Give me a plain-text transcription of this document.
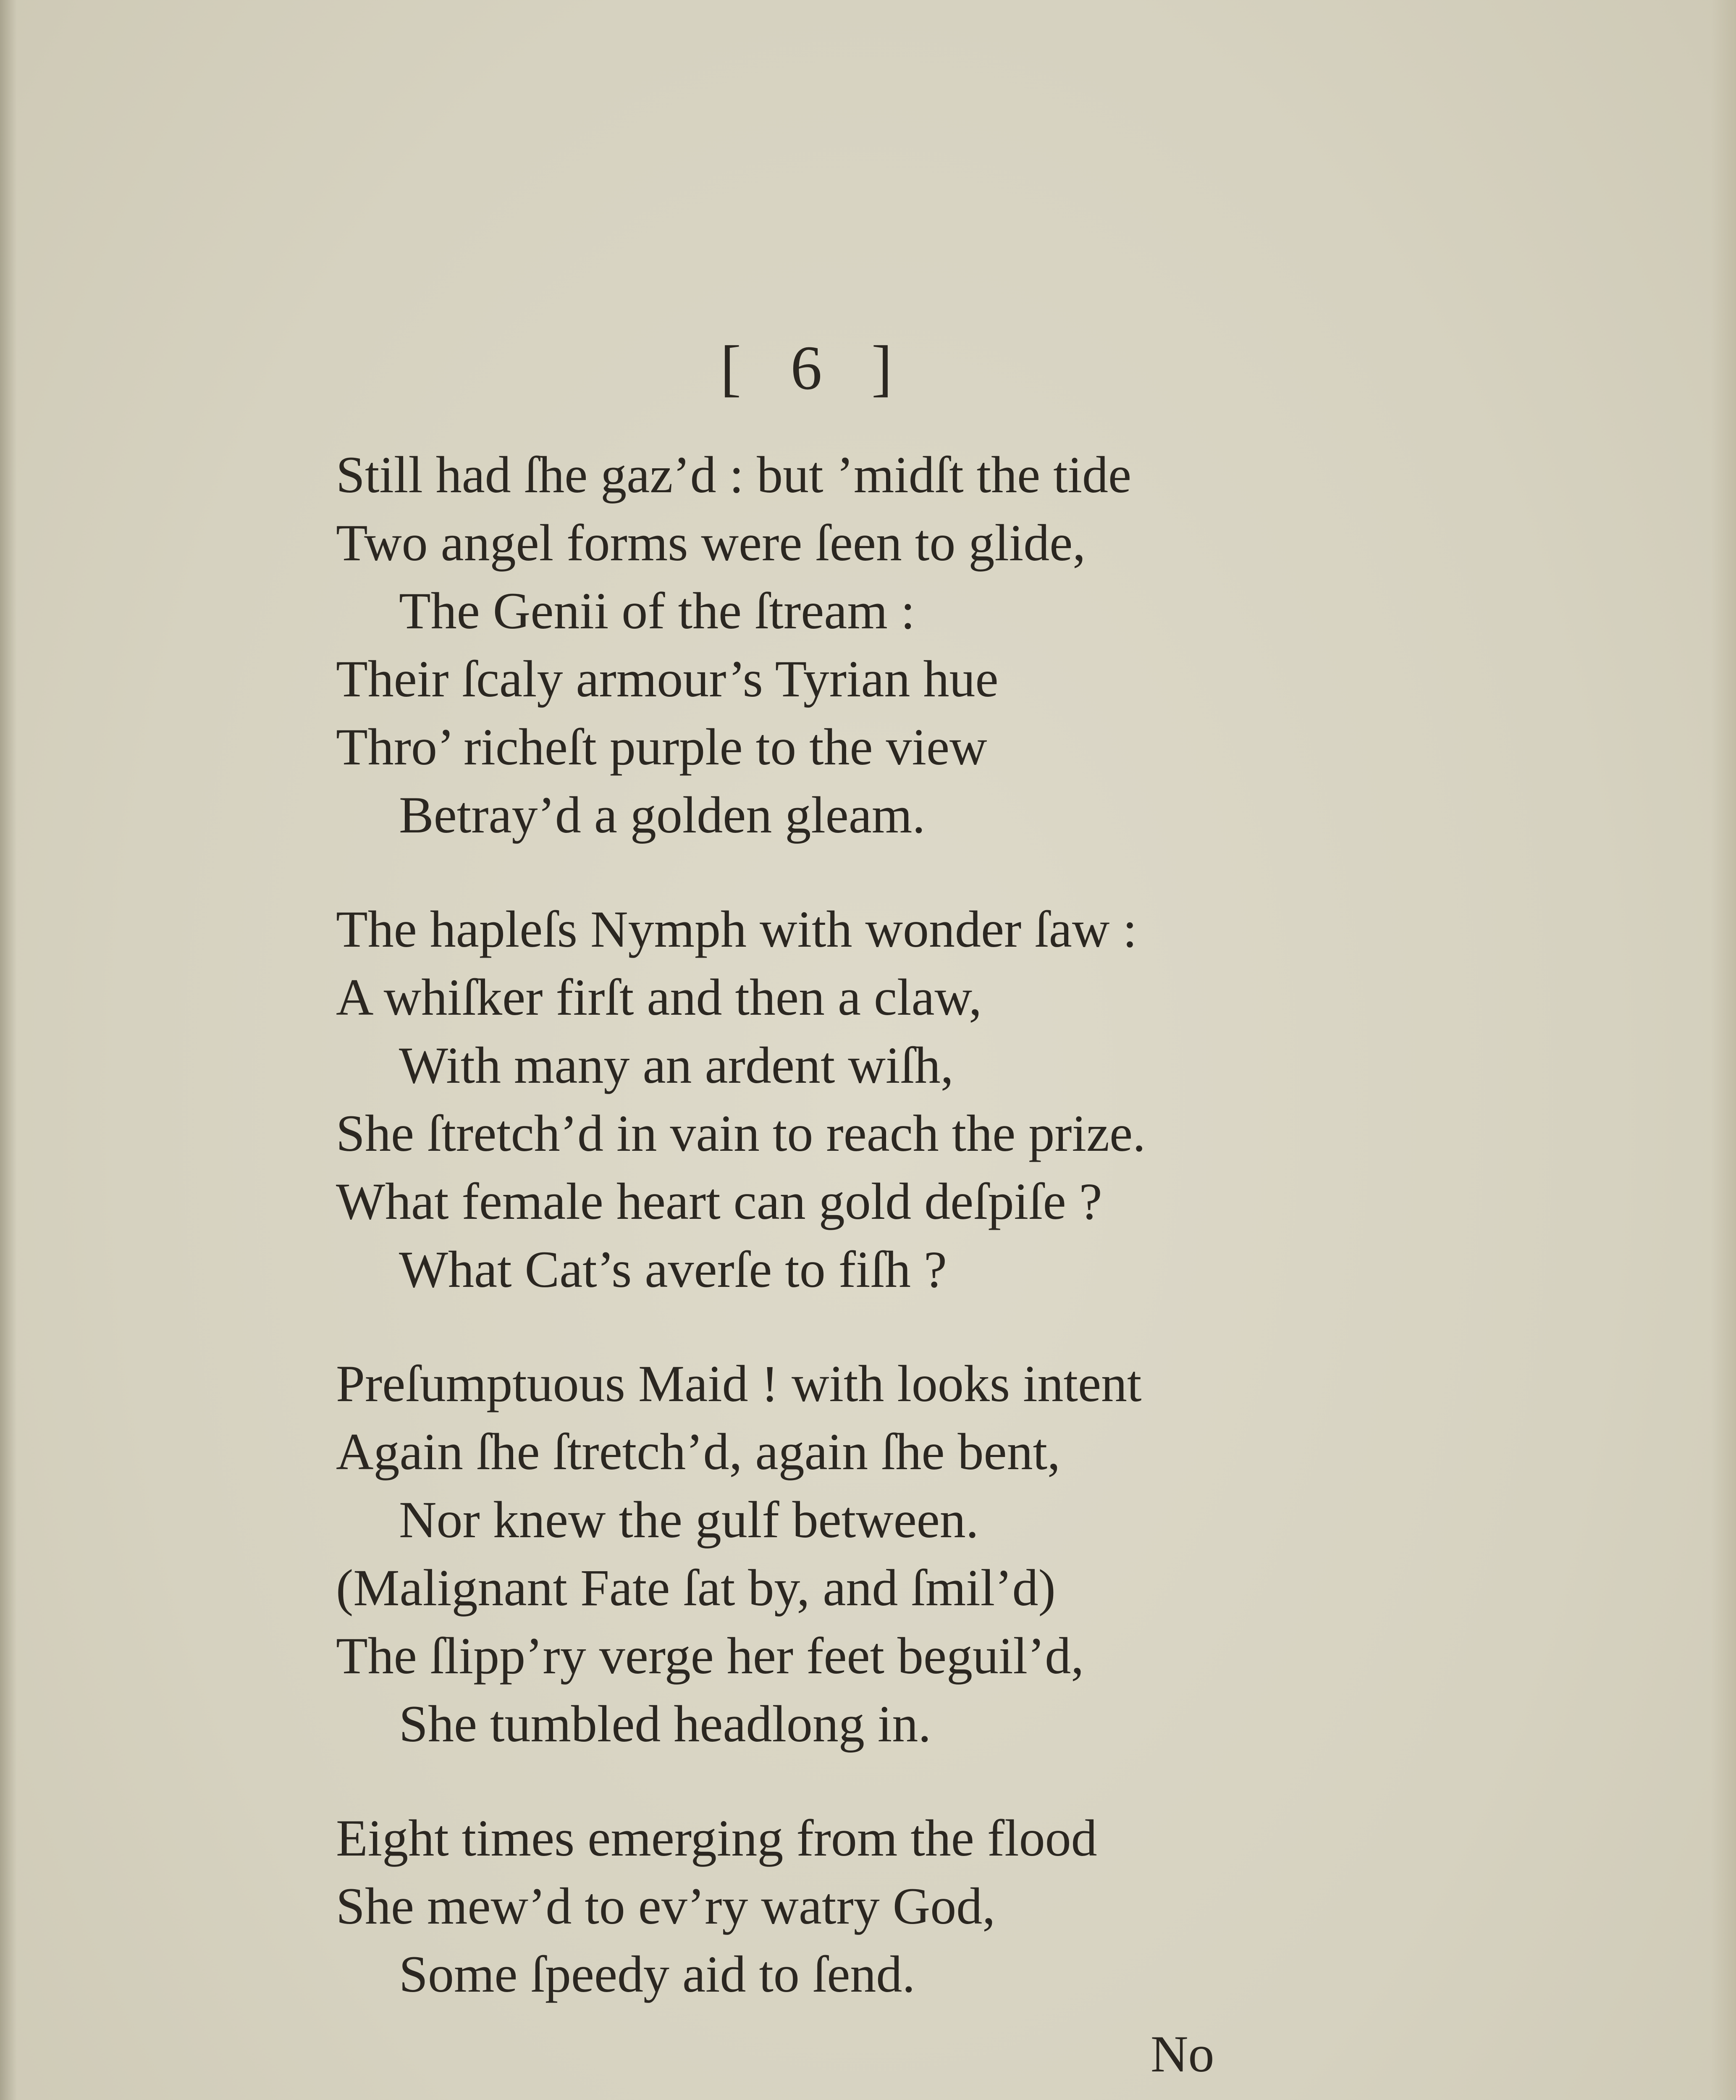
[ 6 ]
Still had ſhe gaz’d : but ’midſt the tide
Two angel forms were ſeen to glide,
The Genii of the ſtream :
Their ſcaly armour’s Tyrian hue
Thro’ richeſt purple to the view
Betray’d a golden gleam.
The hapleſs Nymph with wonder ſaw :
A whiſker firſt and then a claw,
With many an ardent wiſh,
She ſtretch’d in vain to reach the prize.
What female heart can gold deſpiſe ?
What Cat’s averſe to fiſh ?
Preſumptuous Maid ! with looks intent
Again ſhe ſtretch’d, again ſhe bent,
Nor knew the gulf between.
(Malignant Fate ſat by, and ſmil’d)
The ſlipp’ry verge her feet beguil’d,
She tumbled headlong in.
Eight times emerging from the flood
She mew’d to ev’ry watry God,
Some ſpeedy aid to ſend.
No
